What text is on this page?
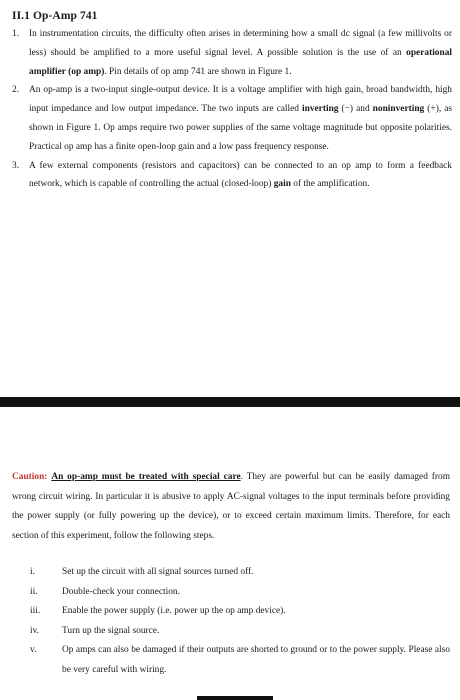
II.1 Op-Amp 741
1.	In instrumentation circuits, the difficulty often arises in determining how a small dc signal (a few millivolts or less) should be amplified to a more useful signal level. A possible solution is the use of an operational amplifier (op amp). Pin details of op amp 741 are shown in Figure 1.
2.	An op-amp is a two-input single-output device. It is a voltage amplifier with high gain, broad bandwidth, high input impedance and low output impedance. The two inputs are called inverting (−) and noninverting (+), as shown in Figure 1. Op amps require two power supplies of the same voltage magnitude but opposite polarities. Practical op amp has a finite open-loop gain and a low pass frequency response.
3.	A few external components (resistors and capacitors) can be connected to an op amp to form a feedback network, which is capable of controlling the actual (closed-loop) gain of the amplification.
Caution: An op-amp must be treated with special care. They are powerful but can be easily damaged from wrong circuit wiring. In particular it is abusive to apply AC-signal voltages to the input terminals before providing the power supply (or fully powering up the device), or to exceed certain maximum limits. Therefore, for each section of this experiment, follow the following steps.
i.	Set up the circuit with all signal sources turned off.
ii.	Double-check your connection.
iii.	Enable the power supply (i.e. power up the op amp device).
iv.	Turn up the signal source.
v.	Op amps can also be damaged if their outputs are shorted to ground or to the power supply. Please also be very careful with wiring.
